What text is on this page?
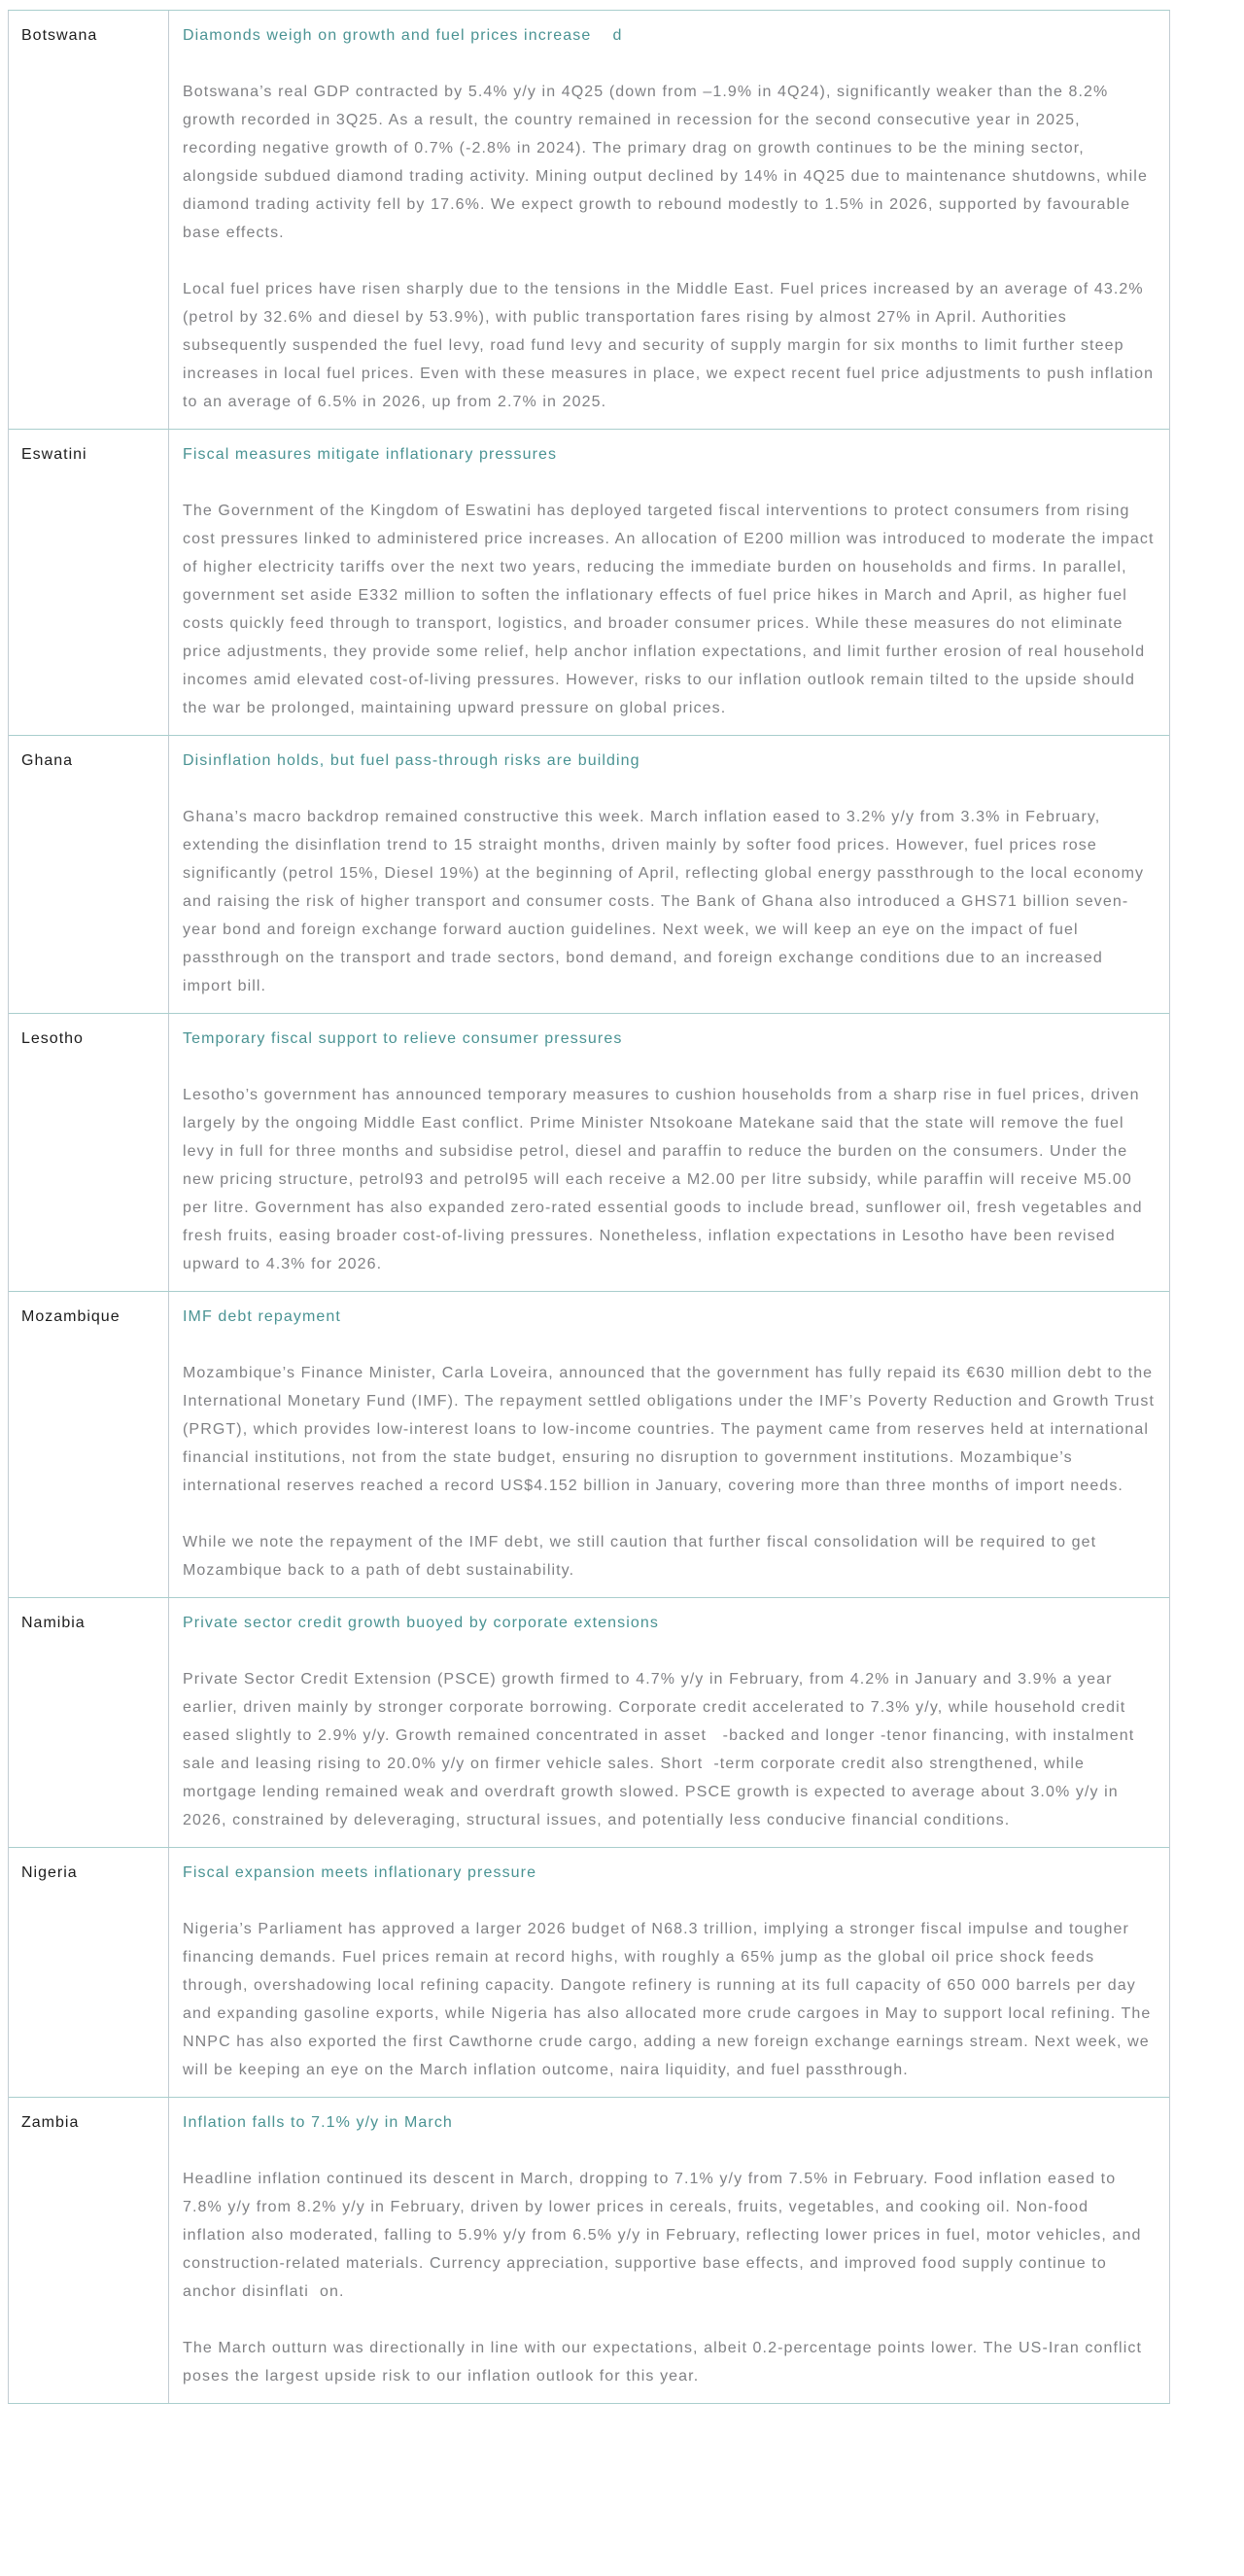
Botswana	Diamonds weigh on growth and fuel prices increase    d
Botswana’s real GDP contracted by 5.4% y/y in 4Q25 (down from –1.9% in 4Q24), significantly weaker than the 8.2% growth recorded in 3Q25. As a result, the country remained in recession for the second consecutive year in 2025, recording negative growth of 0.7% (-2.8% in 2024). The primary drag on growth continues to be the mining sector, alongside subdued diamond trading activity. Mining output declined by 14% in 4Q25 due to maintenance shutdowns, while diamond trading activity fell by 17.6%. We expect growth to rebound modestly to 1.5% in 2026, supported by favourable base effects.
Local fuel prices have risen sharply due to the tensions in the Middle East. Fuel prices increased by an average of 43.2% (petrol by 32.6% and diesel by 53.9%), with public transportation fares rising by almost 27% in April. Authorities subsequently suspended the fuel levy, road fund levy and security of supply margin for six months to limit further steep increases in local fuel prices. Even with these measures in place, we expect recent fuel price adjustments to push inflation to an average of 6.5% in 2026, up from 2.7% in 2025.
Eswatini	Fiscal measures mitigate inflationary pressures
The Government of the Kingdom of Eswatini has deployed targeted fiscal interventions to protect consumers from rising cost pressures linked to administered price increases. An allocation of E200 million was introduced to moderate the impact of higher electricity tariffs over the next two years, reducing the immediate burden on households and firms. In parallel, government set aside E332 million to soften the inflationary effects of fuel price hikes in March and April, as higher fuel costs quickly feed through to transport, logistics, and broader consumer prices. While these measures do not eliminate price adjustments, they provide some relief, help anchor inflation expectations, and limit further erosion of real household incomes amid elevated cost-of-living pressures. However, risks to our inflation outlook remain tilted to the upside should the war be prolonged, maintaining upward pressure on global prices.
Ghana	Disinflation holds, but fuel pass-through risks are building
Ghana’s macro backdrop remained constructive this week. March inflation eased to 3.2% y/y from 3.3% in February, extending the disinflation trend to 15 straight months, driven mainly by softer food prices. However, fuel prices rose significantly (petrol 15%, Diesel 19%) at the beginning of April, reflecting global energy passthrough to the local economy and raising the risk of higher transport and consumer costs. The Bank of Ghana also introduced a GHS71 billion seven-year bond and foreign exchange forward auction guidelines. Next week, we will keep an eye on the impact of fuel passthrough on the transport and trade sectors, bond demand, and foreign exchange conditions due to an increased import bill.
Lesotho	Temporary fiscal support to relieve consumer pressures
Lesotho’s government has announced temporary measures to cushion households from a sharp rise in fuel prices, driven largely by the ongoing Middle East conflict. Prime Minister Ntsokoane Matekane said that the state will remove the fuel levy in full for three months and subsidise petrol, diesel and paraffin to reduce the burden on the consumers. Under the new pricing structure, petrol93 and petrol95 will each receive a M2.00 per litre subsidy, while paraffin will receive M5.00 per litre. Government has also expanded zero-rated essential goods to include bread, sunflower oil, fresh vegetables and fresh fruits, easing broader cost-of-living pressures. Nonetheless, inflation expectations in Lesotho have been revised upward to 4.3% for 2026.
Mozambique	IMF debt repayment
Mozambique’s Finance Minister, Carla Loveira, announced that the government has fully repaid its €630 million debt to the International Monetary Fund (IMF). The repayment settled obligations under the IMF’s Poverty Reduction and Growth Trust (PRGT), which provides low-interest loans to low-income countries. The payment came from reserves held at international financial institutions, not from the state budget, ensuring no disruption to government institutions. Mozambique’s international reserves reached a record US$4.152 billion in January, covering more than three months of import needs.
While we note the repayment of the IMF debt, we still caution that further fiscal consolidation will be required to get Mozambique back to a path of debt sustainability.
Namibia	Private sector credit growth buoyed by corporate extensions
Private Sector Credit Extension (PSCE) growth firmed to 4.7% y/y in February, from 4.2% in January and 3.9% a year earlier, driven mainly by stronger corporate borrowing. Corporate credit accelerated to 7.3% y/y, while household credit eased slightly to 2.9% y/y. Growth remained concentrated in asset   -backed and longer -tenor financing, with instalment sale and leasing rising to 20.0% y/y on firmer vehicle sales. Short  -term corporate credit also strengthened, while mortgage lending remained weak and overdraft growth slowed. PSCE growth is expected to average about 3.0% y/y in 2026, constrained by deleveraging, structural issues, and potentially less conducive financial conditions.
Nigeria	Fiscal expansion meets inflationary pressure
Nigeria’s Parliament has approved a larger 2026 budget of N68.3 trillion, implying a stronger fiscal impulse and tougher financing demands. Fuel prices remain at record highs, with roughly a 65% jump as the global oil price shock feeds through, overshadowing local refining capacity. Dangote refinery is running at its full capacity of 650 000 barrels per day and expanding gasoline exports, while Nigeria has also allocated more crude cargoes in May to support local refining. The NNPC has also exported the first Cawthorne crude cargo, adding a new foreign exchange earnings stream. Next week, we will be keeping an eye on the March inflation outcome, naira liquidity, and fuel passthrough.
Zambia	Inflation falls to 7.1% y/y in March
Headline inflation continued its descent in March, dropping to 7.1% y/y from 7.5% in February. Food inflation eased to 7.8% y/y from 8.2% y/y in February, driven by lower prices in cereals, fruits, vegetables, and cooking oil. Non-food inflation also moderated, falling to 5.9% y/y from 6.5% y/y in February, reflecting lower prices in fuel, motor vehicles, and construction-related materials. Currency appreciation, supportive base effects, and improved food supply continue to anchor disinflati  on.
The March outturn was directionally in line with our expectations, albeit 0.2-percentage points lower. The US-Iran conflict poses the largest upside risk to our inflation outlook for this year.
